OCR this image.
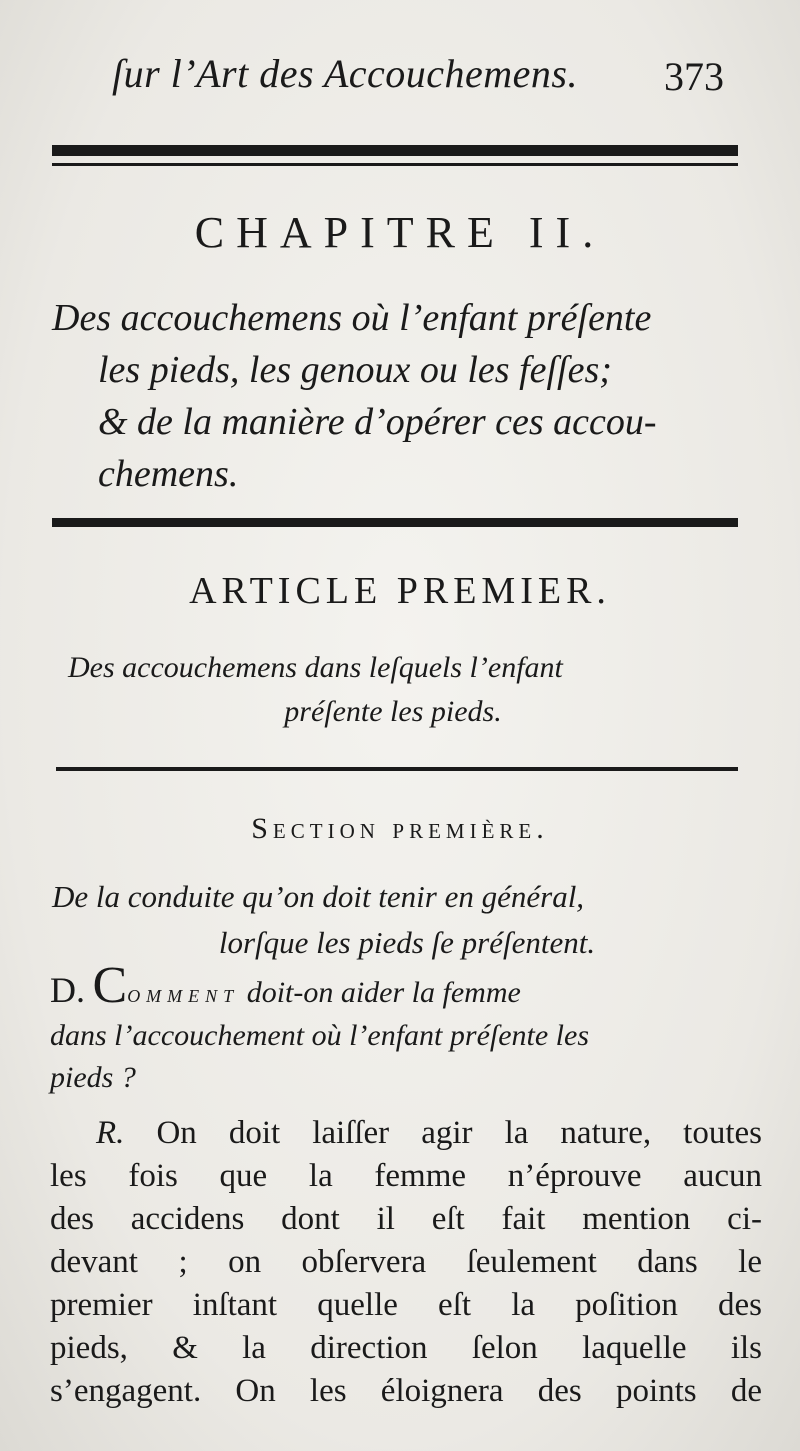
ſur l’Art des Accouchemens. 373
CHAPITRE II.
Des accouchemens où l’enfant préſente
les pieds, les genoux ou les feſſes;
& de la manière d’opérer ces accou-
chemens.
ARTICLE PREMIER.
Des accouchemens dans leſquels l’enfant
préſente les pieds.
Section première.
De la conduite qu’on doit tenir en général,
lorſque les pieds ſe préſentent.
D. Comment doit-on aider la femme
dans l’accouchement où l’enfant préſente les
pieds ?
R. On doit laiſſer agir la nature, toutes
les fois que la femme n’éprouve aucun
des accidens dont il eſt fait mention ci-
devant ; on obſervera ſeulement dans le
premier inſtant quelle eſt la poſition des
pieds, & la direction ſelon laquelle ils
s’engagent. On les éloignera des points de
